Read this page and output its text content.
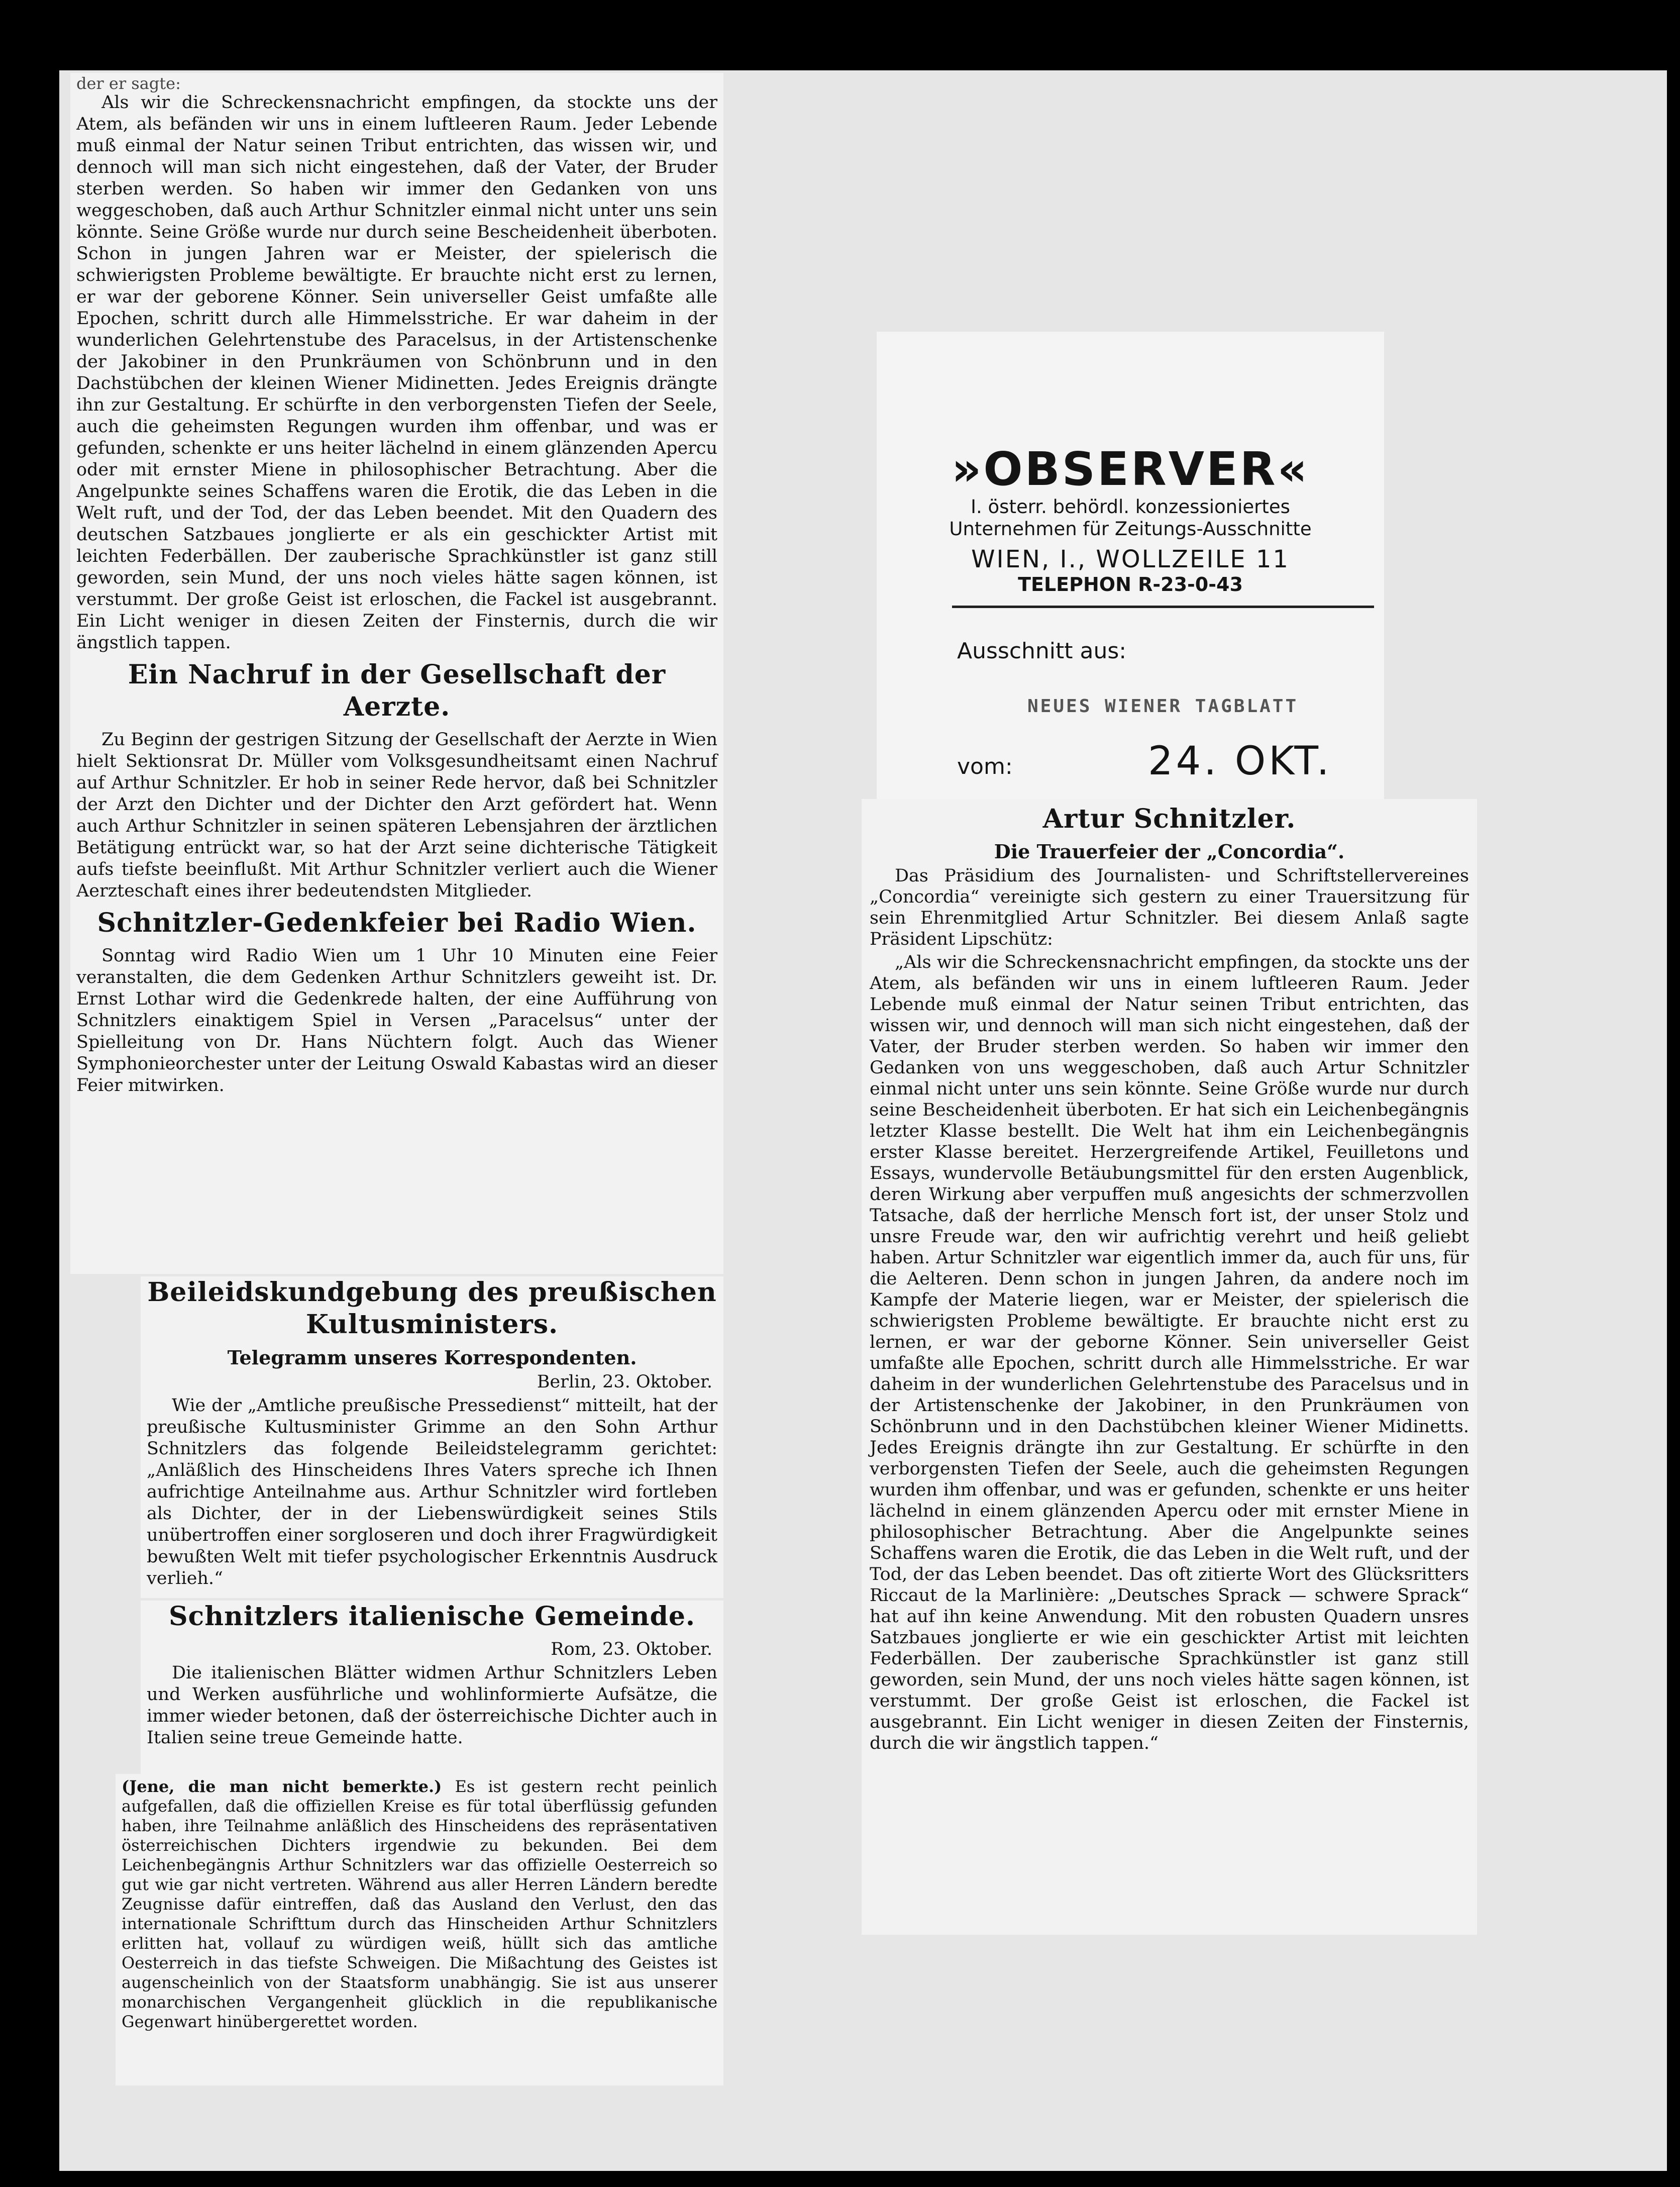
der er sagte:

Als wir die Schreckensnachricht empfingen, da stockte uns der Atem, als befänden wir uns in einem luftleeren Raum. Jeder Lebende muß einmal der Natur seinen Tribut entrichten, das wissen wir, und dennoch will man sich nicht eingestehen, daß der Vater, der Bruder sterben werden. So haben wir immer den Gedanken von uns weggeschoben, daß auch Arthur Schnitzler einmal nicht unter uns sein könnte. Seine Größe wurde nur durch seine Bescheidenheit überboten. Schon in jungen Jahren war er Meister, der spielerisch die schwierigsten Probleme bewältigte. Er brauchte nicht erst zu lernen, er war der geborene Könner. Sein universeller Geist umfaßte alle Epochen, schritt durch alle Himmelsstriche. Er war daheim in der wunderlichen Gelehrtenstube des Paracelsus, in der Artistenschenke der Jakobiner in den Prunkräumen von Schönbrunn und in den Dachstübchen der kleinen Wiener Midinetten. Jedes Ereignis drängte ihn zur Gestaltung. Er schürfte in den verborgensten Tiefen der Seele, auch die geheimsten Regungen wurden ihm offenbar, und was er gefunden, schenkte er uns heiter lächelnd in einem glänzenden Apercu oder mit ernster Miene in philosophischer Betrachtung. Aber die Angelpunkte seines Schaffens waren die Erotik, die das Leben in die Welt ruft, und der Tod, der das Leben beendet. Mit den Quadern des deutschen Satzbaues jonglierte er als ein geschickter Artist mit leichten Federbällen. Der zauberische Sprachkünstler ist ganz still geworden, sein Mund, der uns noch vieles hätte sagen können, ist verstummt. Der große Geist ist erloschen, die Fackel ist ausgebrannt. Ein Licht weniger in diesen Zeiten der Finsternis, durch die wir ängstlich tappen.

Ein Nachruf in der Gesellschaft der Aerzte.

Zu Beginn der gestrigen Sitzung der Gesellschaft der Aerzte in Wien hielt Sektionsrat Dr. Müller vom Volksgesundheitsamt einen Nachruf auf Arthur Schnitzler. Er hob in seiner Rede hervor, daß bei Schnitzler der Arzt den Dichter und der Dichter den Arzt gefördert hat. Wenn auch Arthur Schnitzler in seinen späteren Lebensjahren der ärztlichen Betätigung entrückt war, so hat der Arzt seine dichterische Tätigkeit aufs tiefste beeinflußt. Mit Arthur Schnitzler verliert auch die Wiener Aerzteschaft eines ihrer bedeutendsten Mitglieder.

Schnitzler-Gedenkfeier bei Radio Wien.

Sonntag wird Radio Wien um 1 Uhr 10 Minuten eine Feier veranstalten, die dem Gedenken Arthur Schnitzlers geweiht ist. Dr. Ernst Lothar wird die Gedenkrede halten, der eine Aufführung von Schnitzlers einaktigem Spiel in Versen „Paracelsus“ unter der Spielleitung von Dr. Hans Nüchtern folgt. Auch das Wiener Symphonieorchester unter der Leitung Oswald Kabastas wird an dieser Feier mitwirken.

Beileidskundgebung des preußischen Kultusministers.
Telegramm unseres Korrespondenten.
Berlin, 23. Oktober.

Wie der „Amtliche preußische Pressedienst“ mitteilt, hat der preußische Kultusminister Grimme an den Sohn Arthur Schnitzlers das folgende Beileidstelegramm gerichtet: „Anläßlich des Hinscheidens Ihres Vaters spreche ich Ihnen aufrichtige Anteilnahme aus. Arthur Schnitzler wird fortleben als Dichter, der in der Liebenswürdigkeit seines Stils unübertroffen einer sorgloseren und doch ihrer Fragwürdigkeit bewußten Welt mit tiefer psychologischer Erkenntnis Ausdruck verlieh.“

Schnitzlers italienische Gemeinde.
Rom, 23. Oktober.

Die italienischen Blätter widmen Arthur Schnitzlers Leben und Werken ausführliche und wohlinformierte Aufsätze, die immer wieder betonen, daß der österreichische Dichter auch in Italien seine treue Gemeinde hatte.

(Jene, die man nicht bemerkte.) Es ist gestern recht peinlich aufgefallen, daß die offiziellen Kreise es für total überflüssig gefunden haben, ihre Teilnahme anläßlich des Hinscheidens des repräsentativen österreichischen Dichters irgendwie zu bekunden. Bei dem Leichenbegängnis Arthur Schnitzlers war das offizielle Oesterreich so gut wie gar nicht vertreten. Während aus aller Herren Ländern beredte Zeugnisse dafür eintreffen, daß das Ausland den Verlust, den das internationale Schrifttum durch das Hinscheiden Arthur Schnitzlers erlitten hat, vollauf zu würdigen weiß, hüllt sich das amtliche Oesterreich in das tiefste Schweigen. Die Mißachtung des Geistes ist augenscheinlich von der Staatsform unabhängig. Sie ist aus unserer monarchischen Vergangenheit glücklich in die republikanische Gegenwart hinübergerettet worden.

»OBSERVER«
I. österr. behördl. konzessioniertes
Unternehmen für Zeitungs-Ausschnitte
WIEN, I., WOLLZEILE 11
TELEPHON R-23-0-43
Ausschnitt aus:
NEUES WIENER TAGBLATT
vom:	24. OKT.
Artur Schnitzler.
Die Trauerfeier der „Concordia“.

Das Präsidium des Journalisten- und Schriftstellervereines „Concordia“ vereinigte sich gestern zu einer Trauersitzung für sein Ehrenmitglied Artur Schnitzler. Bei diesem Anlaß sagte Präsident Lipschütz:

„Als wir die Schreckensnachricht empfingen, da stockte uns der Atem, als befänden wir uns in einem luftleeren Raum. Jeder Lebende muß einmal der Natur seinen Tribut entrichten, das wissen wir, und dennoch will man sich nicht eingestehen, daß der Vater, der Bruder sterben werden. So haben wir immer den Gedanken von uns weggeschoben, daß auch Artur Schnitzler einmal nicht unter uns sein könnte. Seine Größe wurde nur durch seine Bescheidenheit überboten. Er hat sich ein Leichenbegängnis letzter Klasse bestellt. Die Welt hat ihm ein Leichenbegängnis erster Klasse bereitet. Herzergreifende Artikel, Feuilletons und Essays, wundervolle Betäubungsmittel für den ersten Augenblick, deren Wirkung aber verpuffen muß angesichts der schmerzvollen Tatsache, daß der herrliche Mensch fort ist, der unser Stolz und unsre Freude war, den wir aufrichtig verehrt und heiß geliebt haben. Artur Schnitzler war eigentlich immer da, auch für uns, für die Aelteren. Denn schon in jungen Jahren, da andere noch im Kampfe der Materie liegen, war er Meister, der spielerisch die schwierigsten Probleme bewältigte. Er brauchte nicht erst zu lernen, er war der geborne Könner. Sein universeller Geist umfaßte alle Epochen, schritt durch alle Himmelsstriche. Er war daheim in der wunderlichen Gelehrtenstube des Paracelsus und in der Artistenschenke der Jakobiner, in den Prunkräumen von Schönbrunn und in den Dachstübchen kleiner Wiener Midinetts. Jedes Ereignis drängte ihn zur Gestaltung. Er schürfte in den verborgensten Tiefen der Seele, auch die geheimsten Regungen wurden ihm offenbar, und was er gefunden, schenkte er uns heiter lächelnd in einem glänzenden Apercu oder mit ernster Miene in philosophischer Betrachtung. Aber die Angelpunkte seines Schaffens waren die Erotik, die das Leben in die Welt ruft, und der Tod, der das Leben beendet. Das oft zitierte Wort des Glücksritters Riccaut de la Marlinière: „Deutsches Sprack — schwere Sprack“ hat auf ihn keine Anwendung. Mit den robusten Quadern unsres Satzbaues jonglierte er wie ein geschickter Artist mit leichten Federbällen. Der zauberische Sprachkünstler ist ganz still geworden, sein Mund, der uns noch vieles hätte sagen können, ist verstummt. Der große Geist ist erloschen, die Fackel ist ausgebrannt. Ein Licht weniger in diesen Zeiten der Finsternis, durch die wir ängstlich tappen.“
